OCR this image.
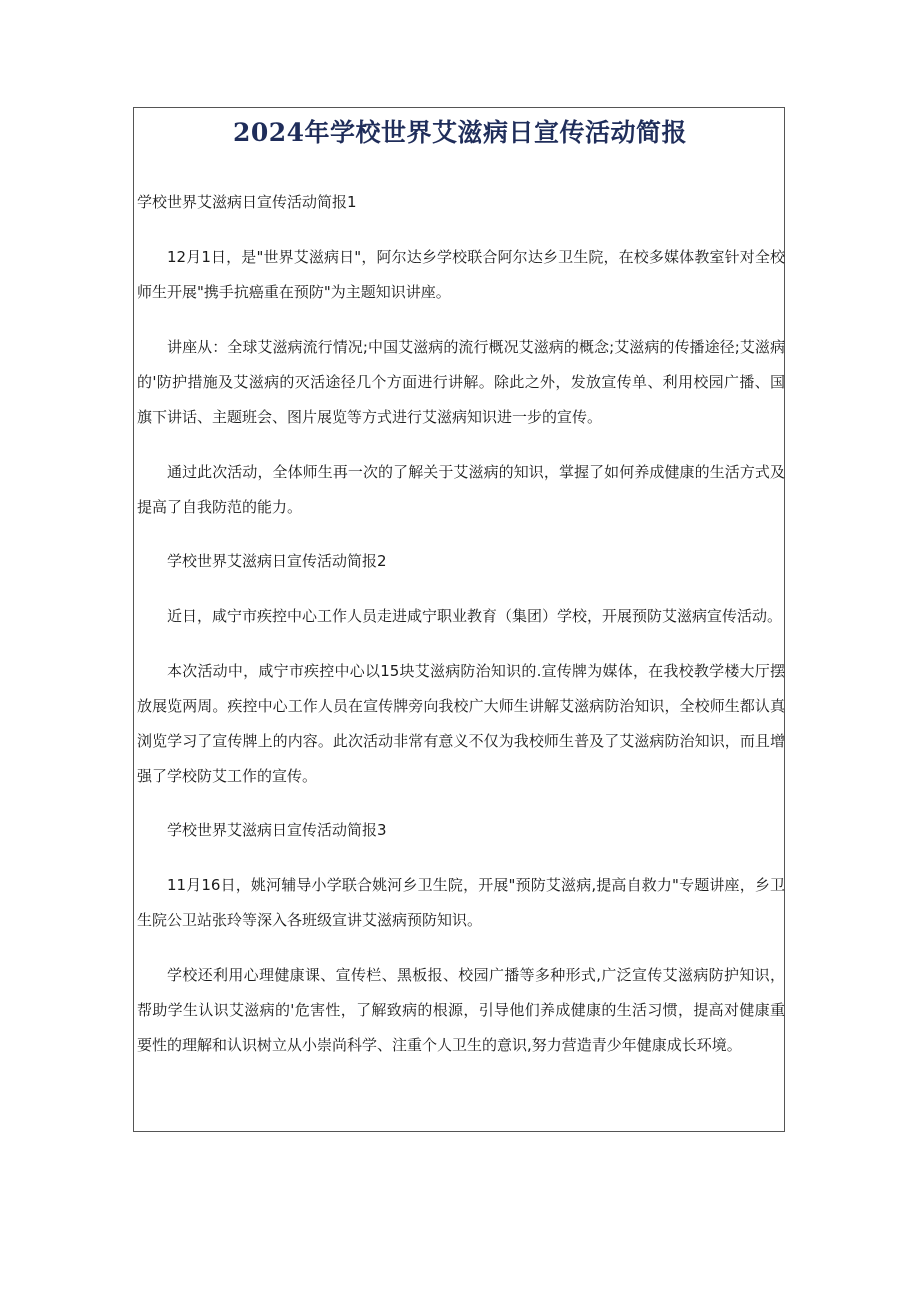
2024年学校世界艾滋病日宣传活动简报

学校世界艾滋病日宣传活动简报1

12月1日，是"世界艾滋病日"，阿尔达乡学校联合阿尔达乡卫生院，在校多媒体教室针对全校师生开展"携手抗癌重在预防"为主题知识讲座。

讲座从：全球艾滋病流行情况;中国艾滋病的流行概况艾滋病的概念;艾滋病的传播途径;艾滋病的'防护措施及艾滋病的灭活途径几个方面进行讲解。除此之外，发放宣传单、利用校园广播、国旗下讲话、主题班会、图片展览等方式进行艾滋病知识进一步的宣传。

通过此次活动，全体师生再一次的了解关于艾滋病的知识，掌握了如何养成健康的生活方式及提高了自我防范的能力。

学校世界艾滋病日宣传活动简报2

近日，咸宁市疾控中心工作人员走进咸宁职业教育（集团）学校，开展预防艾滋病宣传活动。

本次活动中，咸宁市疾控中心以15块艾滋病防治知识的.宣传牌为媒体，在我校教学楼大厅摆放展览两周。疾控中心工作人员在宣传牌旁向我校广大师生讲解艾滋病防治知识，全校师生都认真浏览学习了宣传牌上的内容。此次活动非常有意义不仅为我校师生普及了艾滋病防治知识，而且增强了学校防艾工作的宣传。

学校世界艾滋病日宣传活动简报3

11月16日，姚河辅导小学联合姚河乡卫生院，开展"预防艾滋病,提高自救力"专题讲座，乡卫生院公卫站张玲等深入各班级宣讲艾滋病预防知识。

学校还利用心理健康课、宣传栏、黑板报、校园广播等多种形式,广泛宣传艾滋病防护知识，帮助学生认识艾滋病的'危害性，了解致病的根源，引导他们养成健康的生活习惯，提高对健康重要性的理解和认识树立从小崇尚科学、注重个人卫生的意识,努力营造青少年健康成长环境。
